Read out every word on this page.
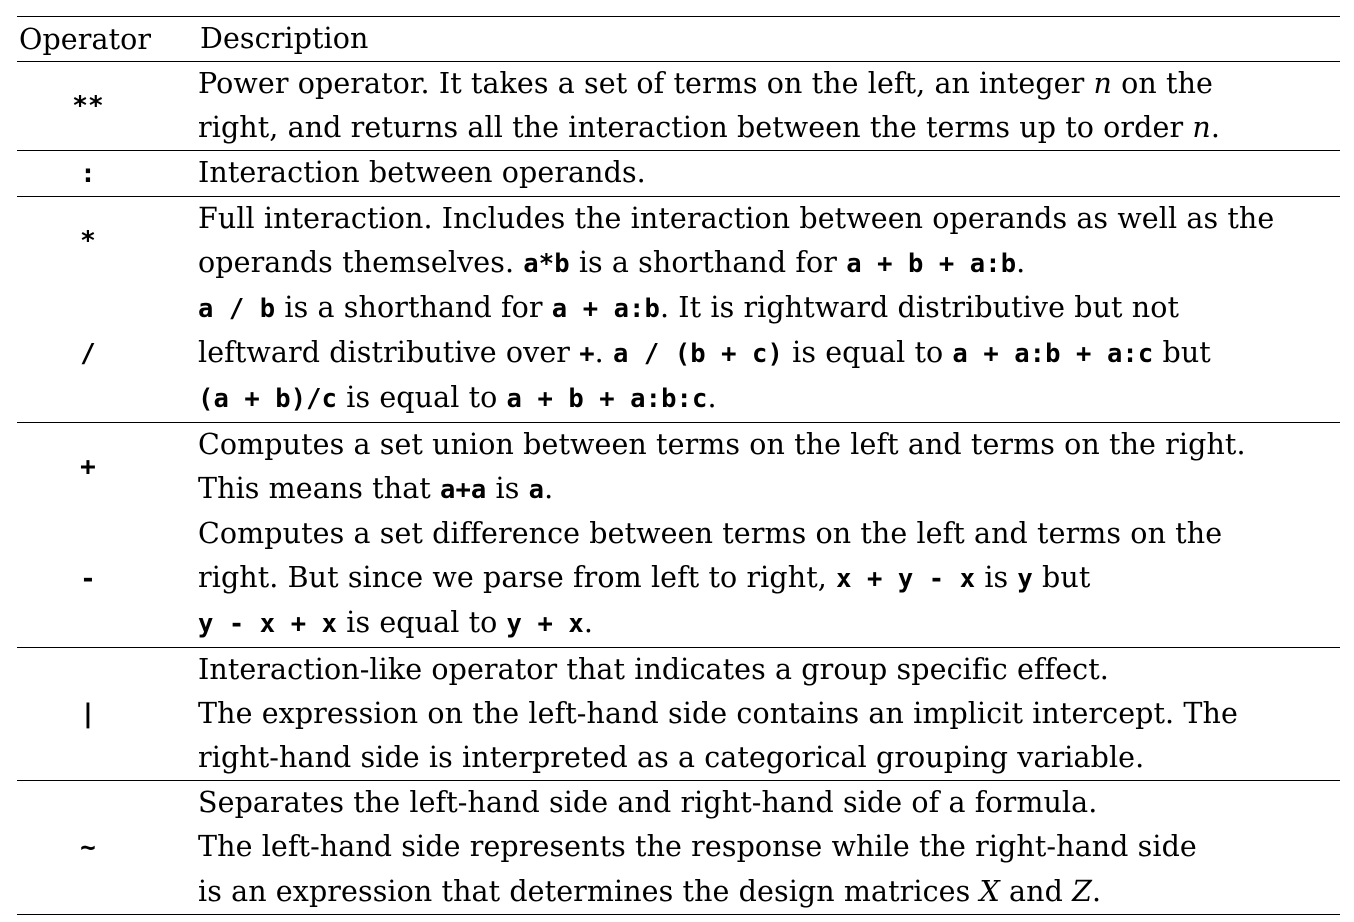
Operator	Description
**
Power operator. It takes a set of terms on the left, an integer n on the
right, and returns all the interaction between the terms up to order n.
:	Interaction between operands.
*
Full interaction. Includes the interaction between operands as well as the
operands themselves. a*b is a shorthand for a + b + a:b.
/
a / b is a shorthand for a + a:b. It is rightward distributive but not
leftward distributive over +. a / (b + c) is equal to a + a:b + a:c but
(a + b)/c is equal to a + b + a:b:c.
+
Computes a set union between terms on the left and terms on the right.
This means that a+a is a.
-
Computes a set difference between terms on the left and terms on the
right. But since we parse from left to right, x + y - x is y but
y - x + x is equal to y + x.
|
Interaction-like operator that indicates a group specific effect.
The expression on the left-hand side contains an implicit intercept. The
right-hand side is interpreted as a categorical grouping variable.
~
Separates the left-hand side and right-hand side of a formula.
The left-hand side represents the response while the right-hand side
is an expression that determines the design matrices X and Z.
